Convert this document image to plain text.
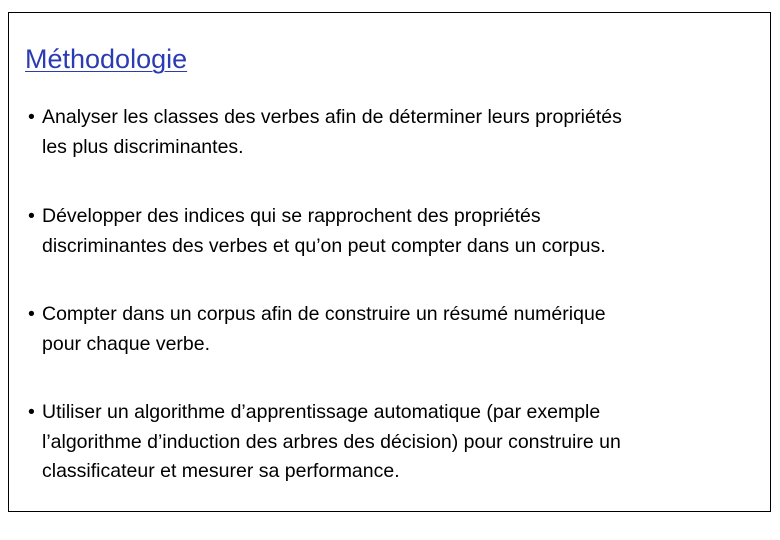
Méthodologie
• Analyser les classes des verbes afin de déterminer leurs propriétés
les plus discriminantes.
• Développer des indices qui se rapprochent des propriétés
discriminantes des verbes et qu’on peut compter dans un corpus.
• Compter dans un corpus afin de construire un résumé numérique
pour chaque verbe.
• Utiliser un algorithme d’apprentissage automatique (par exemple
l’algorithme d’induction des arbres des décision) pour construire un
classificateur et mesurer sa performance.
